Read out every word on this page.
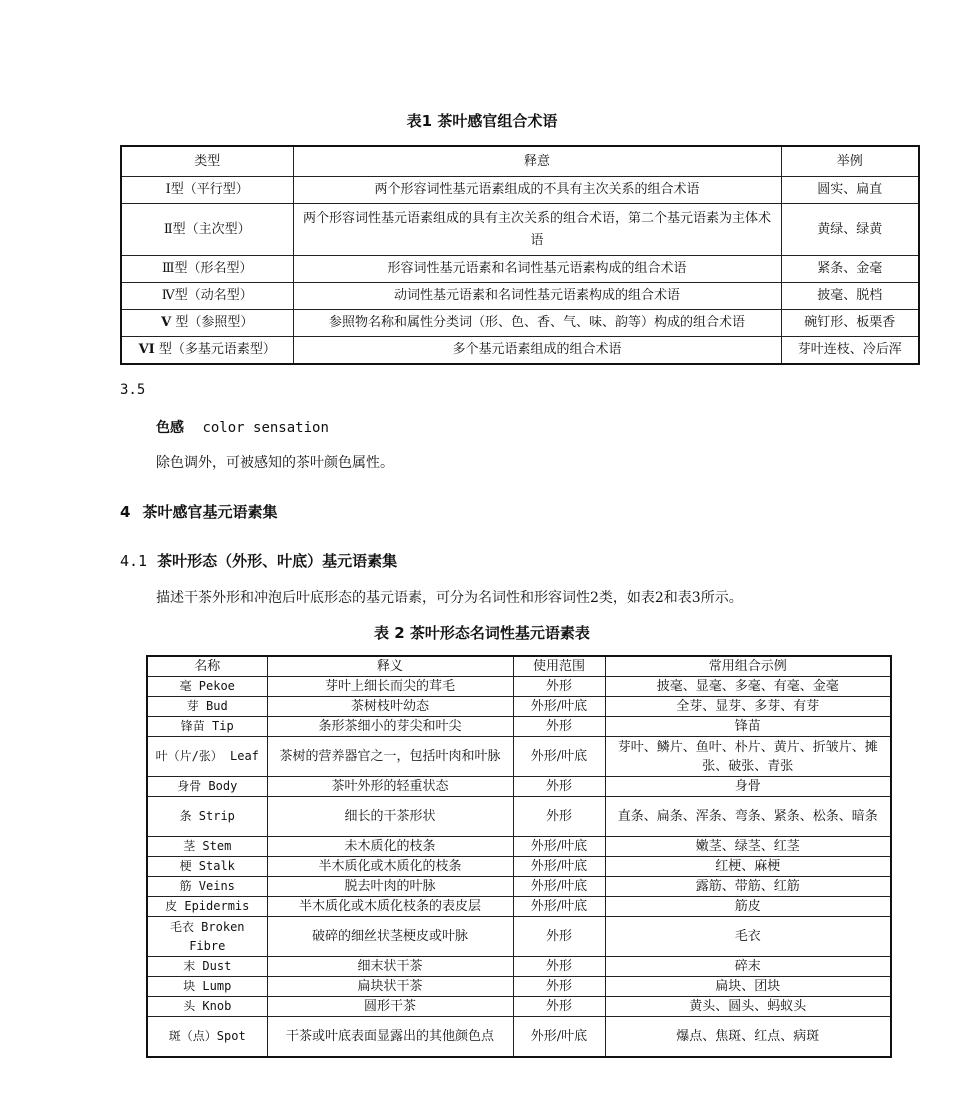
表1 茶叶感官组合术语
类型	释意	举例
Ⅰ型（平行型）	两个形容词性基元语素组成的不具有主次关系的组合术语	圆实、扁直
Ⅱ型（主次型）	两个形容词性基元语素组成的具有主次关系的组合术语，第二个基元语素为主体术语	黄绿、绿黄
Ⅲ型（形名型）	形容词性基元语素和名词性基元语素构成的组合术语	紧条、金毫
Ⅳ型（动名型）	动词性基元语素和名词性基元语素构成的组合术语	披毫、脱档
V 型（参照型）	参照物名称和属性分类词（形、色、香、气、味、韵等）构成的组合术语	碗钉形、板栗香
VI 型（多基元语素型）	多个基元语素组成的组合术语	芽叶连枝、冷后浑
3.5
色感 color sensation
除色调外，可被感知的茶叶颜色属性。
4 茶叶感官基元语素集
4.1 茶叶形态（外形、叶底）基元语素集
描述干茶外形和冲泡后叶底形态的基元语素，可分为名词性和形容词性2类，如表2和表3所示。
表 2 茶叶形态名词性基元语素表
名称	释义	使用范围	常用组合示例
毫 Pekoe	芽叶上细长而尖的茸毛	外形	披毫、显毫、多毫、有毫、金毫
芽 Bud	茶树枝叶幼态	外形/叶底	全芽、显芽、多芽、有芽
锋苗 Tip	条形茶细小的芽尖和叶尖	外形	锋苗
叶（片/张） Leaf	茶树的营养器官之一，包括叶肉和叶脉	外形/叶底	芽叶、鳞片、鱼叶、朴片、黄片、折皱片、摊张、破张、青张
身骨 Body	茶叶外形的轻重状态	外形	身骨
条 Strip	细长的干茶形状	外形	直条、扁条、浑条、弯条、紧条、松条、暗条
茎 Stem	未木质化的枝条	外形/叶底	嫩茎、绿茎、红茎
梗 Stalk	半木质化或木质化的枝条	外形/叶底	红梗、麻梗
筋 Veins	脱去叶肉的叶脉	外形/叶底	露筋、带筋、红筋
皮 Epidermis	半木质化或木质化枝条的表皮层	外形/叶底	筋皮
毛衣 Broken Fibre	破碎的细丝状茎梗皮或叶脉	外形	毛衣
末 Dust	细末状干茶	外形	碎末
块 Lump	扁块状干茶	外形	扁块、团块
头 Knob	圆形干茶	外形	黄头、圆头、蚂蚁头
斑（点）Spot	干茶或叶底表面显露出的其他颜色点	外形/叶底	爆点、焦斑、红点、病斑
